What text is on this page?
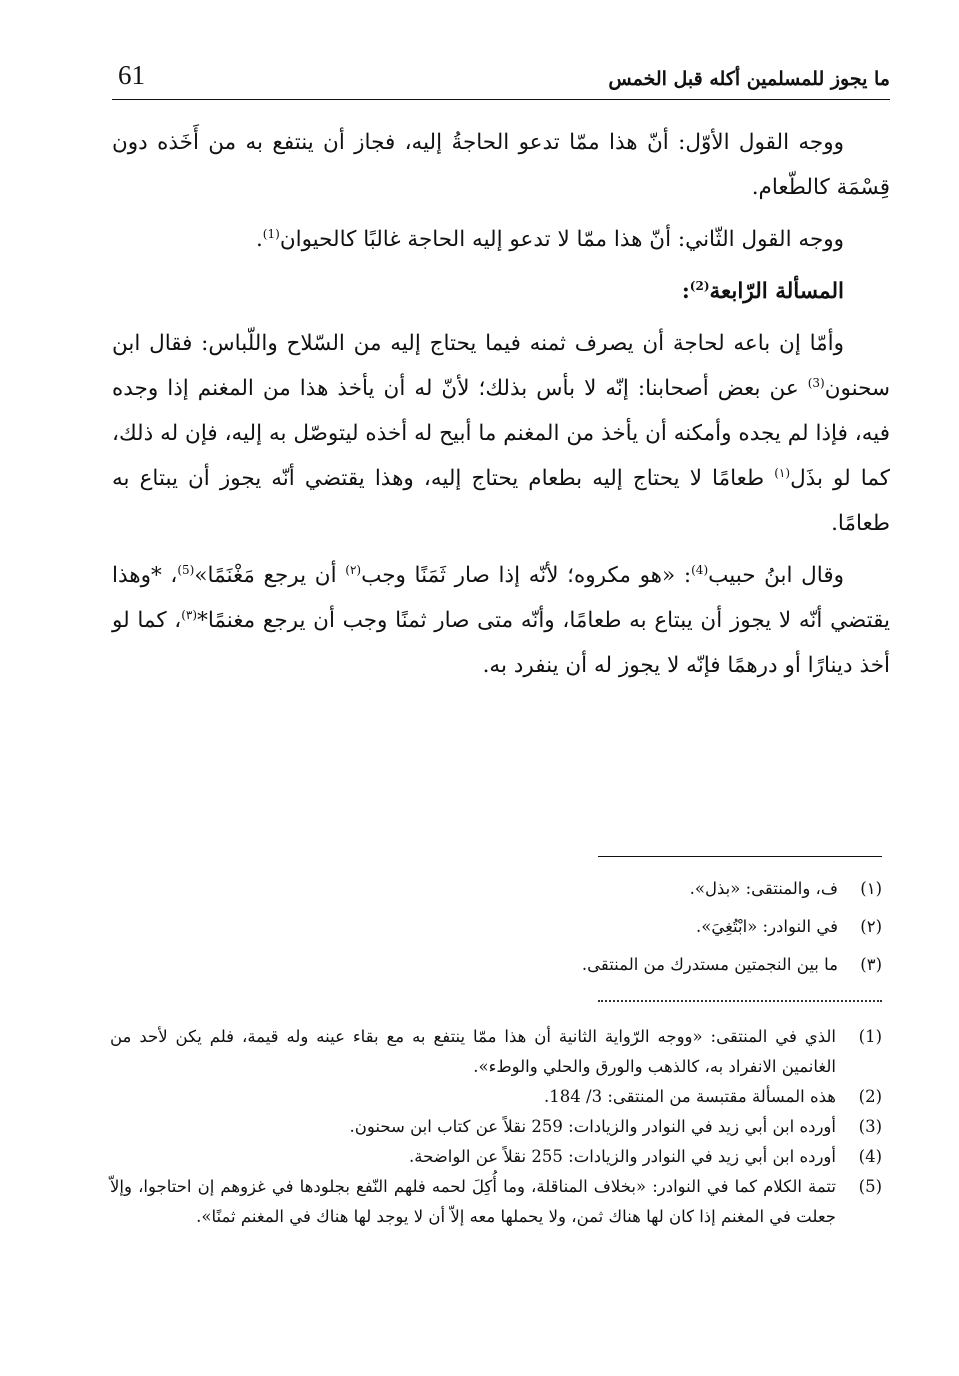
61	ما يجوز للمسلمين أكله قبل الخمس

ووجه القول الأوّل: أنّ هذا ممّا تدعو الحاجةُ إليه، فجاز أن ينتفع به من أَخَذه دون قِسْمَة كالطّعام.

ووجه القول الثّاني: أنّ هذا ممّا لا تدعو إليه الحاجة غالبًا كالحيوان$^{(1)}$.

المسألة الرّابعة$^{(2)}$:

وأمّا إن باعه لحاجة أن يصرف ثمنه فيما يحتاج إليه من السّلاح واللّباس: فقال ابن سحنون$^{(3)}$ عن بعض أصحابنا: إنّه لا بأس بذلك؛ لأنّ له أن يأخذ هذا من المغنم إذا وجده فيه، فإذا لم يجده وأمكنه أن يأخذ من المغنم ما أبيح له أخذه ليتوصّل به إليه، فإن له ذلك، كما لو بذَل$^{(١)}$ طعامًا لا يحتاج إليه بطعام يحتاج إليه، وهذا يقتضي أنّه يجوز أن يبتاع به طعامًا.

وقال ابنُ حبيب$^{(4)}$: «هو مكروه؛ لأنّه إذا صار ثَمَنًا وجب$^{(٢)}$ أن يرجع مَغْنَمًا»$^{(5)}$، *وهذا يقتضي أنّه لا يجوز أن يبتاع به طعامًا، وأنّه متى صار ثمنًا وجب أن يرجع مغنمًا*$^{(٣)}$، كما لو أخذ دينارًا أو درهمًا فإنّه لا يجوز له أن ينفرد به.

(١)
ف، والمنتقى: «بذل».
(٢)
في النوادر: «ابْتُغِيَ».
(٣)
ما بين النجمتين مستدرك من المنتقى.
(1)
الذي في المنتقى: «ووجه الرّواية الثانية أن هذا ممّا ينتفع به مع بقاء عينه وله قيمة، فلم يكن لأحد من الغانمين الانفراد به، كالذهب والورق والحلي والوطء».
(2)
هذه المسألة مقتبسة من المنتقى: 3/ 184.
(3)
أورده ابن أبي زيد في النوادر والزيادات: 259 نقلاً عن كتاب ابن سحنون.
(4)
أورده ابن أبي زيد في النوادر والزيادات: 255 نقلاً عن الواضحة.
(5)
تتمة الكلام كما في النوادر: «بخلاف المناقلة، وما أُكِلَ لحمه فلهم النّفع بجلودها في غزوهم إن احتاجوا، وإلاّ جعلت في المغنم إذا كان لها هناك ثمن، ولا يحملها معه إلاّ أن لا يوجد لها هناك في المغنم ثمنًا».
